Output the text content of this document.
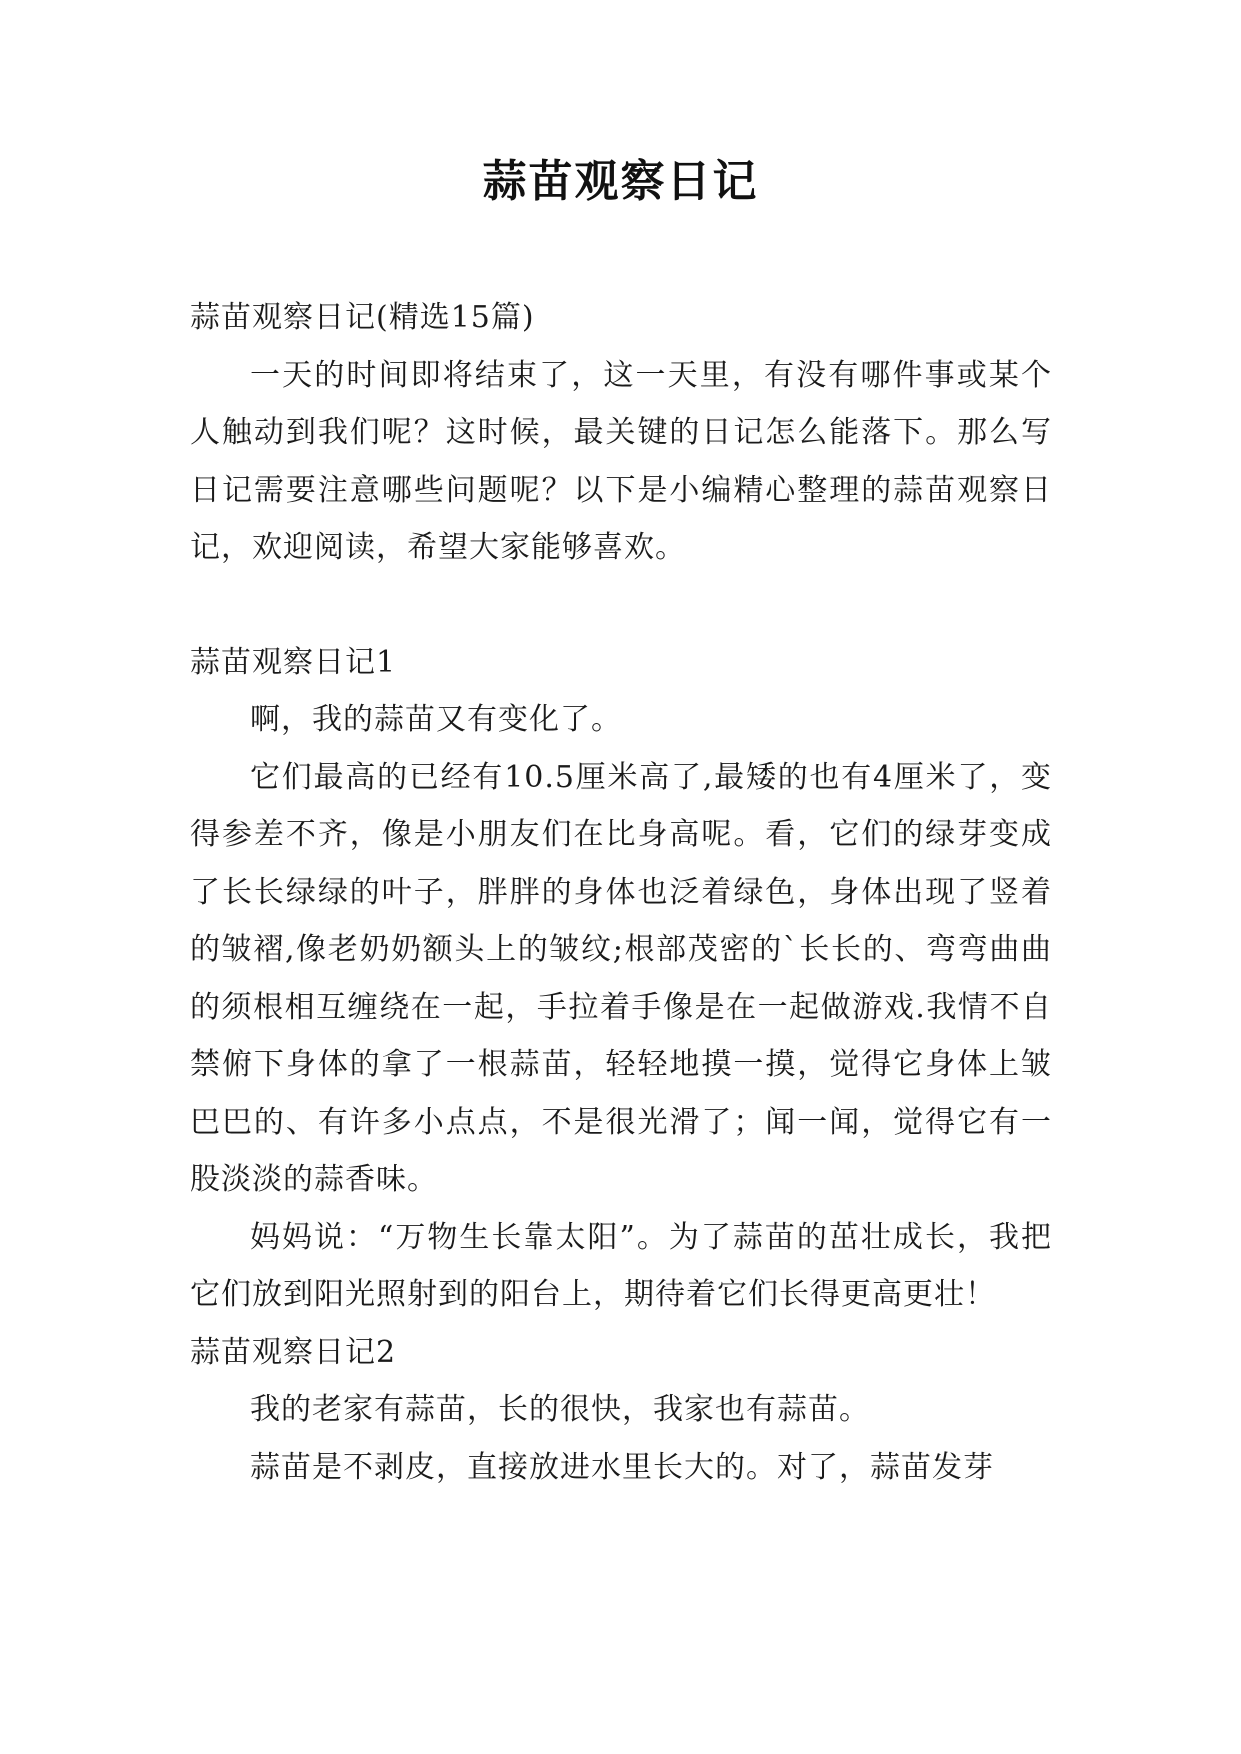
蒜苗观察日记

蒜苗观察日记(精选15篇)

一天的时间即将结束了，这一天里，有没有哪件事或某个人触动到我们呢？这时候，最关键的日记怎么能落下。那么写日记需要注意哪些问题呢？以下是小编精心整理的蒜苗观察日记，欢迎阅读，希望大家能够喜欢。

蒜苗观察日记1

啊，我的蒜苗又有变化了。

它们最高的已经有10.5厘米高了,最矮的也有4厘米了，变得参差不齐，像是小朋友们在比身高呢。看，它们的绿芽变成了长长绿绿的叶子，胖胖的身体也泛着绿色，身体出现了竖着的皱褶,像老奶奶额头上的皱纹;根部茂密的`长长的、弯弯曲曲的须根相互缠绕在一起，手拉着手像是在一起做游戏.我情不自禁俯下身体的拿了一根蒜苗，轻轻地摸一摸，觉得它身体上皱巴巴的、有许多小点点，不是很光滑了；闻一闻，觉得它有一股淡淡的蒜香味。

妈妈说：“万物生长靠太阳”。为了蒜苗的茁壮成长，我把它们放到阳光照射到的阳台上，期待着它们长得更高更壮！

蒜苗观察日记2

我的老家有蒜苗，长的很快，我家也有蒜苗。

蒜苗是不剥皮，直接放进水里长大的。对了，蒜苗发芽
